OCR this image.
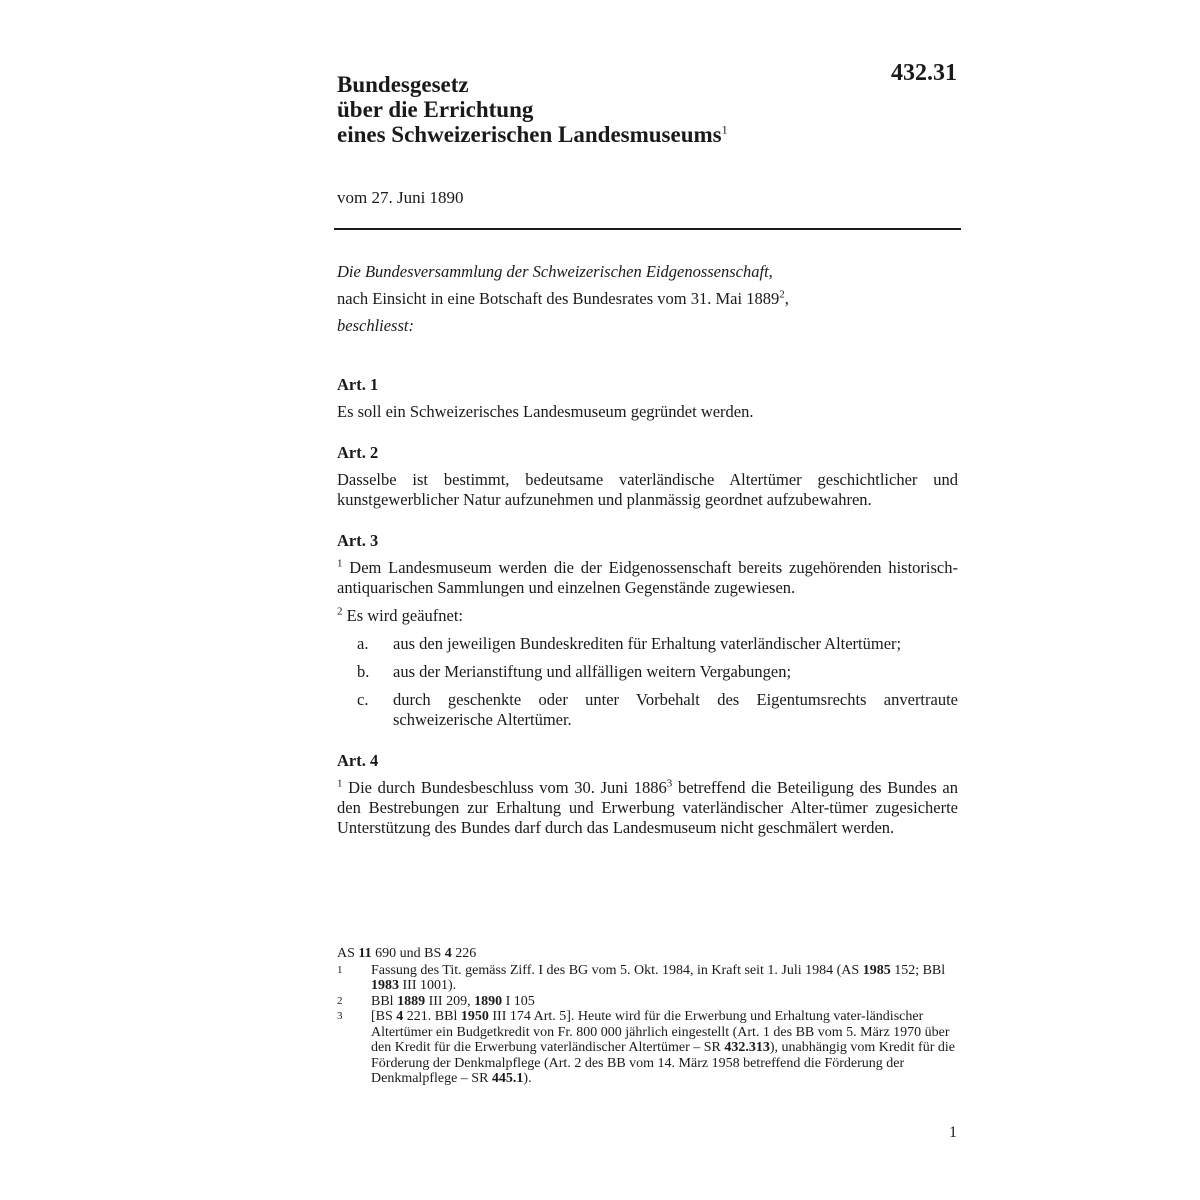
432.31
Bundesgesetz
über die Errichtung
eines Schweizerischen Landesmuseums$^1$
vom 27. Juni 1890
Die Bundesversammlung der Schweizerischen Eidgenossenschaft,
nach Einsicht in eine Botschaft des Bundesrates vom 31. Mai 1889$^2$,
beschliesst:
Art. 1
Es soll ein Schweizerisches Landesmuseum gegründet werden.
Art. 2
Dasselbe ist bestimmt, bedeutsame vaterländische Altertümer geschichtlicher und kunstgewerblicher Natur aufzunehmen und planmässig geordnet aufzubewahren.
Art. 3
$^1$ Dem Landesmuseum werden die der Eidgenossenschaft bereits zugehörenden historisch-antiquarischen Sammlungen und einzelnen Gegenstände zugewiesen.
$^2$ Es wird geäufnet:
a.	aus den jeweiligen Bundeskrediten für Erhaltung vaterländischer Altertümer;
b.	aus der Merianstiftung und allfälligen weitern Vergabungen;
c.	durch geschenkte oder unter Vorbehalt des Eigentumsrechts anvertraute schweizerische Altertümer.
Art. 4
$^1$ Die durch Bundesbeschluss vom 30. Juni 1886$^3$ betreffend die Beteiligung des Bundes an den Bestrebungen zur Erhaltung und Erwerbung vaterländischer Alter-tümer zugesicherte Unterstützung des Bundes darf durch das Landesmuseum nicht geschmälert werden.
AS 11 690 und BS 4 226
1	Fassung des Tit. gemäss Ziff. I des BG vom 5. Okt. 1984, in Kraft seit 1. Juli 1984 (AS 1985 152; BBl 1983 III 1001).
2	BBl 1889 III 209, 1890 I 105
3	[BS 4 221. BBl 1950 III 174 Art. 5]. Heute wird für die Erwerbung und Erhaltung vater-ländischer Altertümer ein Budgetkredit von Fr. 800 000 jährlich eingestellt (Art. 1 des BB vom 5. März 1970 über den Kredit für die Erwerbung vaterländischer Altertümer – SR 432.313), unabhängig vom Kredit für die Förderung der Denkmalpflege (Art. 2 des BB vom 14. März 1958 betreffend die Förderung der Denkmalpflege – SR 445.1).
1
